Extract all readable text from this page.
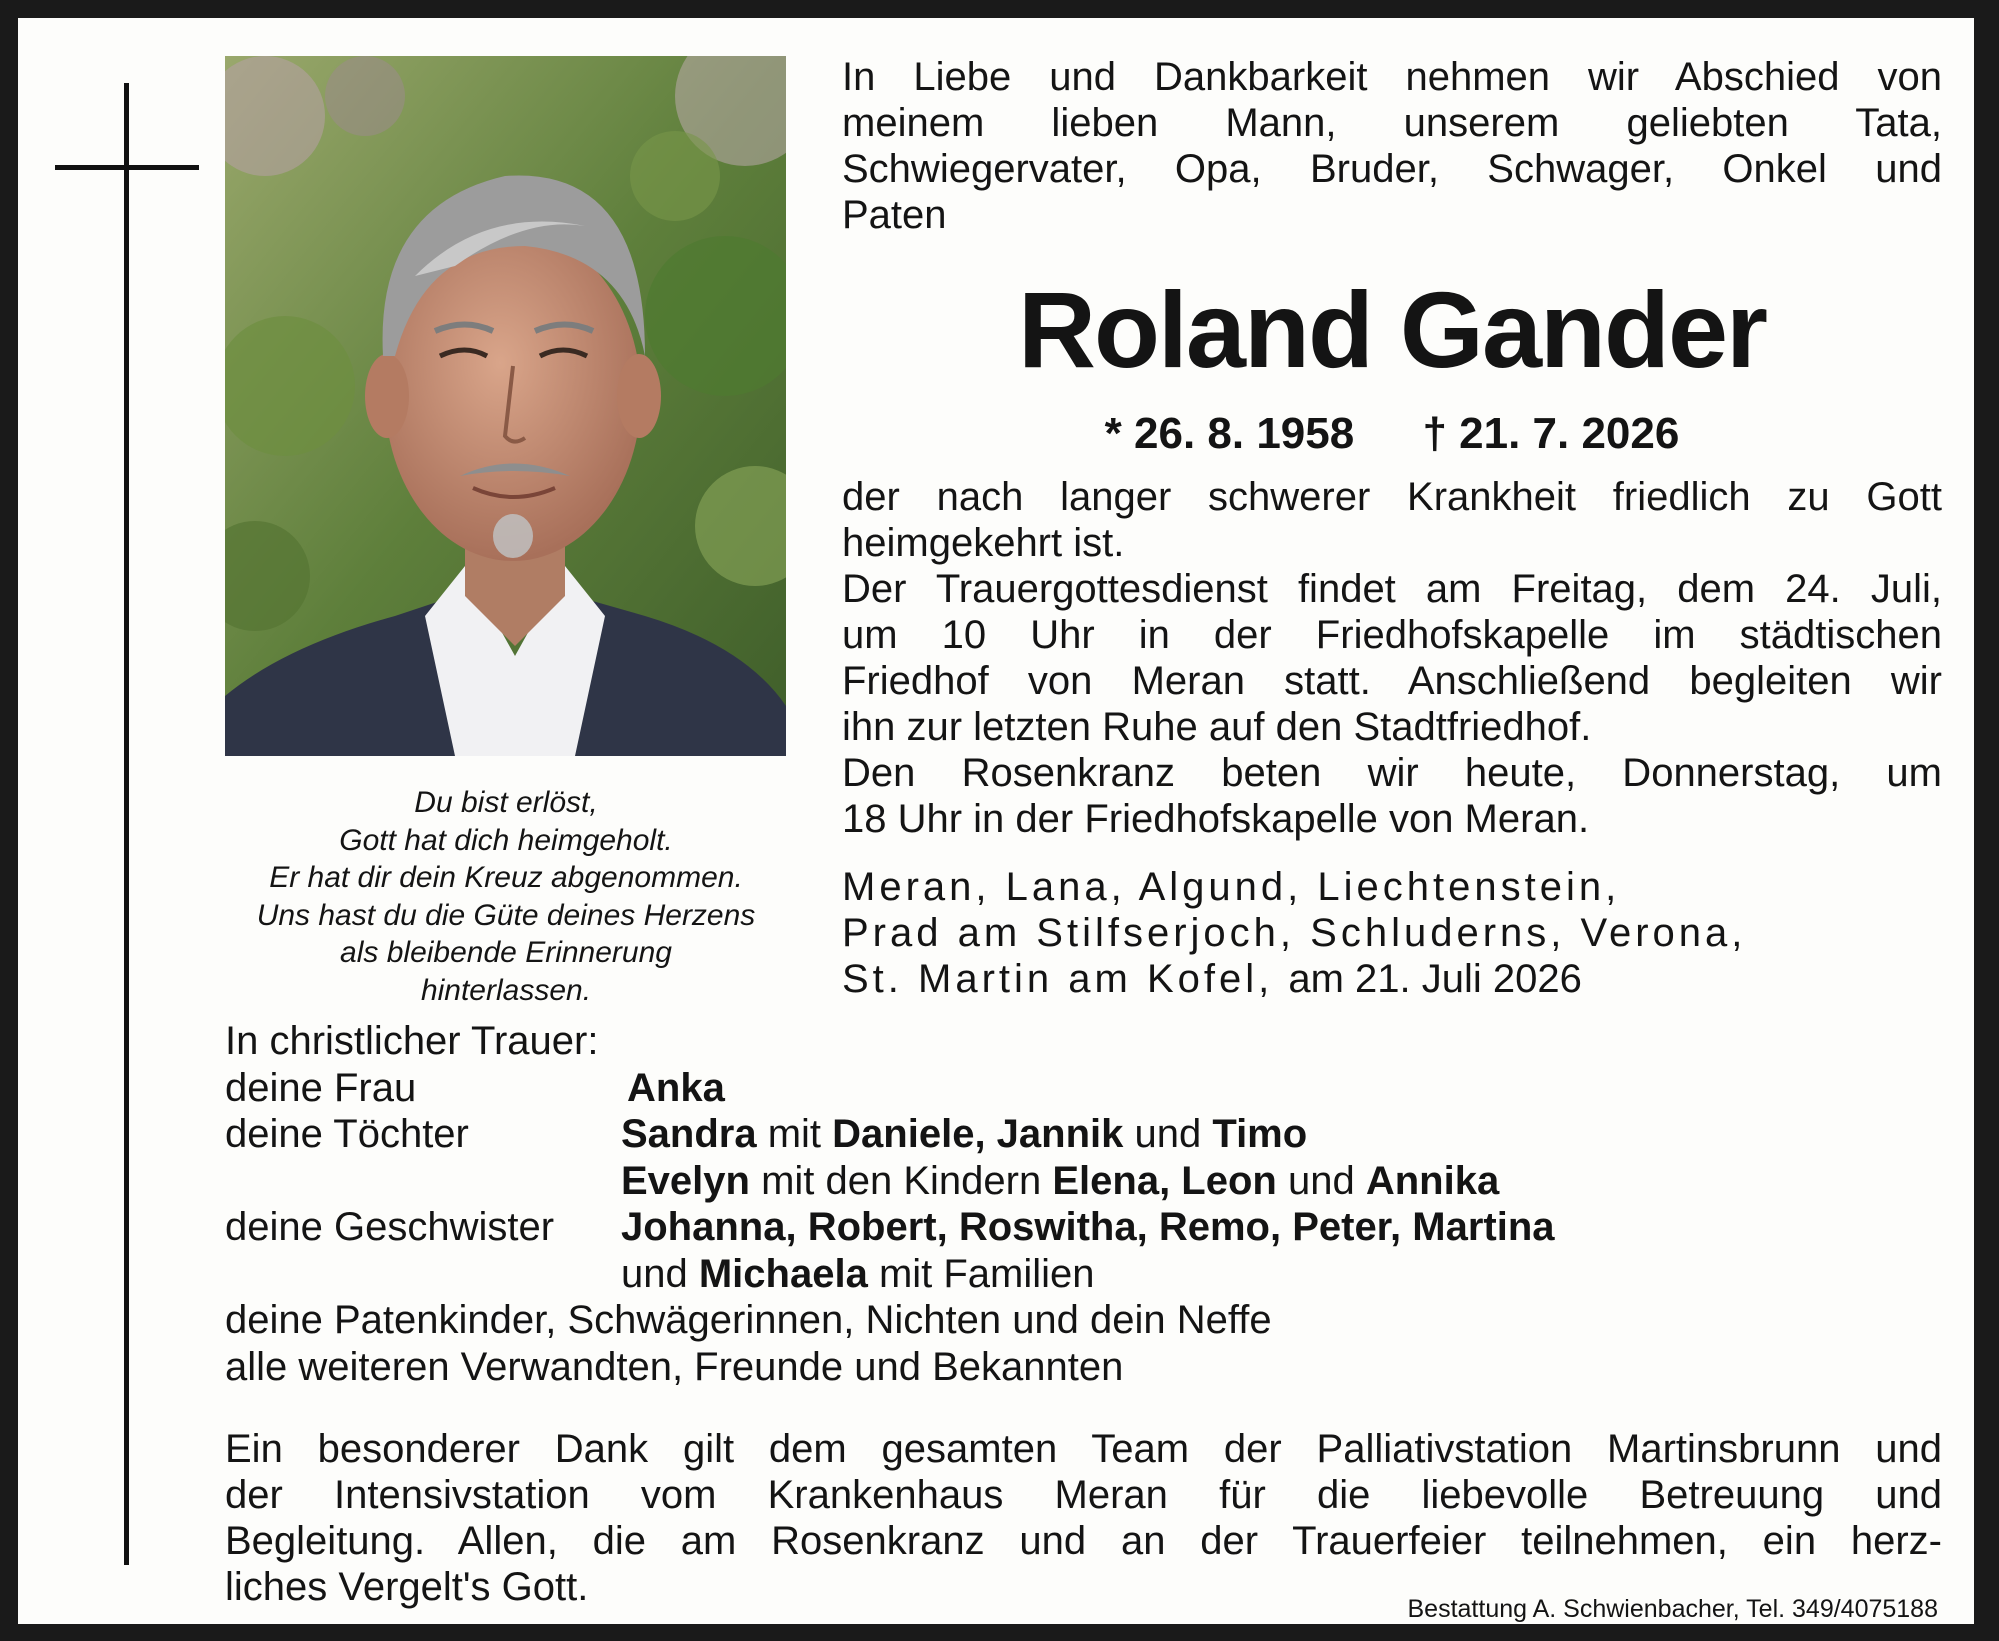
Du bist erlöst,
Gott hat dich heimgeholt.
Er hat dir dein Kreuz abgenommen.
Uns hast du die Güte deines Herzens
als bleibende Erinnerung
hinterlassen.
In Liebe und Dankbarkeit nehmen wir Abschied von
meinem lieben Mann, unserem geliebten Tata,
Schwiegervater, Opa, Bruder, Schwager, Onkel und
Paten
Roland Gander
* 26. 8. 1958 † 21. 7. 2026
der nach langer schwerer Krankheit friedlich zu Gott
heimgekehrt ist.
Der Trauergottesdienst findet am Freitag, dem 24. Juli,
um 10 Uhr in der Friedhofskapelle im städtischen
Friedhof von Meran statt. Anschließend begleiten wir
ihn zur letzten Ruhe auf den Stadtfriedhof.
Den Rosenkranz beten wir heute, Donnerstag, um
18 Uhr in der Friedhofskapelle von Meran.
Meran, Lana, Algund, Liechtenstein,
Prad am Stilfserjoch, Schluderns, Verona,
St. Martin am Kofel, am 21. Juli 2026
In christlicher Trauer:
deine Frau	Anka
deine Töchter	Sandra mit Daniele, Jannik und Timo
Evelyn mit den Kindern Elena, Leon und Annika
deine Geschwister	Johanna, Robert, Roswitha, Remo, Peter, Martina
und Michaela mit Familien
deine Patenkinder, Schwägerinnen, Nichten und dein Neffe
alle weiteren Verwandten, Freunde und Bekannten
Ein besonderer Dank gilt dem gesamten Team der Palliativstation Martinsbrunn und
der Intensivstation vom Krankenhaus Meran für die liebevolle Betreuung und
Begleitung. Allen, die am Rosenkranz und an der Trauerfeier teilnehmen, ein herz-
liches Vergelt's Gott.	Bestattung A. Schwienbacher, Tel. 349/4075188
